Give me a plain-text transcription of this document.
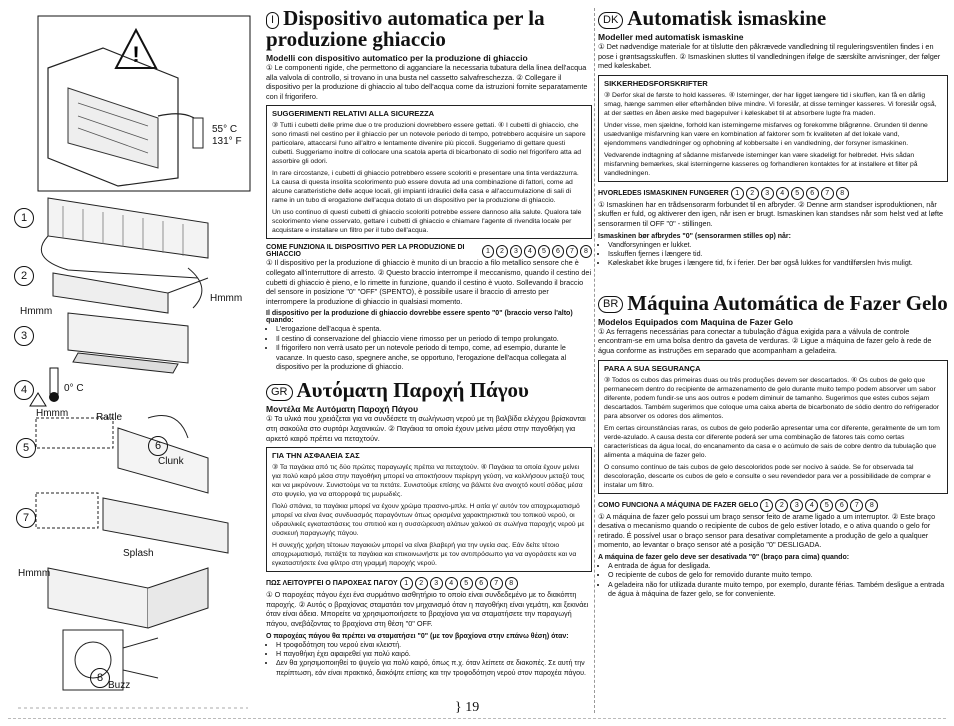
!
55° C
131° F
1
2
Hmmm
Hmmm
3
4	0° C
Hmmm	Rattle
5	6
Clunk
7
Splash
Hmmm
8
Buzz
I Dispositivo automatica per la produzione ghiaccio
Modelli con dispositivo automatico per la produzione di ghiaccio

① Le componenti rigide, che permettono di agganciare la necessaria tubatura della linea dell'acqua alla valvola di controllo, si trovano in una busta nel cassetto salvafreschezza. ② Collegare il dispositivo per la produzione di ghiaccio al tubo dell'acqua come da istruzioni fornite separatamente con il frigorifero.

SUGGERIMENTI RELATIVI ALLA SICUREZZA

③ Tutti i cubetti delle prime due o tre produzioni dovrebbero essere gettati. ④ I cubetti di ghiaccio, che sono rimasti nel cestino per il ghiaccio per un notevole periodo di tempo, potrebbero acquisire un sapore particolare, attaccarsi l'uno all'altro e lentamente divenire più piccoli. Suggeriamo di gettare questi cubetti. Suggeriamo inoltre di collocare una scatola aperta di bicarbonato di sodio nel frigorifero atta ad assorbire gli odori.

In rare circostanze, i cubetti di ghiaccio potrebbero essere scoloriti e presentare una tinta verdazzurra. La causa di questa insolita scolorimento può essere dovuta ad una combinazione di fattori, come ad alcune caratteristiche delle acque locali, gli impianti idraulici della casa e all'accumulazione di sali di rame in un tubo di erogazione dell'acqua dotato di un dispositivo per la produzione di ghiaccio.

Un uso continuo di questi cubetti di ghiaccio scoloriti potrebbe essere dannoso alla salute. Qualora tale scolorimento viene osservato, gettare i cubetti di ghiaccio e chiamare l'agente di rivendita locale per acquistare e installare un filtro per il tubo dell'acqua.

COME FUNZIONA IL DISPOSITIVO PER LA PRODUZIONE DI GHIACCIO	1	2	3	4	5	6	7	8

① Il dispositivo per la produzione di ghiaccio è munito di un braccio a filo metallico sensore che è collegato all'interruttore di arresto. ② Questo braccio interrompe il meccanismo, quando il cestino dei cubetti di ghiaccio è pieno, e lo rimette in funzione, quando il cestino è vuoto. Sollevando il braccio del sensore in posizione "0" "OFF" (SPENTO), è possibile usare il braccio di arresto per interrompere la produzione di ghiaccio in qualsiasi momento.

Il dispositivo per la produzione di ghiaccio dovrebbe essere spento "0" (braccio verso l'alto) quando:
• L'erogazione dell'acqua è spenta.
• Il cestino di conservazione del ghiaccio viene rimosso per un periodo di tempo prolungato.
• Il frigorifero non verrà usato per un notevole periodo di tempo, come, ad esempio, durante le vacanze. In questo caso, spegnere anche, se opportuno, l'erogazione dell'acqua collegata al dispositivo per la produzione di ghiaccio.
GR Αυτόματη Παροχή Πάγου
Μοντέλα Με Αυτόματη Παροχή Πάγου

① Τα υλικά που χρειάζεται για να συνδέσετε τη σωλήνωση νερού με τη βαλβίδα ελέγχου βρίσκονται στη σακούλα στο συρτάρι λαχανικών. ② Παγάκια τα οποία έχουν μείνει μέσα στην παγοθήκη για αρκετό καιρό πρέπει να πεταχτούν.

ΓΙΑ ΤΗΝ ΑΣΦΑΛΕΙΑ ΣΑΣ

③ Τα παγάκια από τις δύο πρώτες παραγωγές πρέπει να πεταχτούν. ④ Παγάκια τα οποία έχουν μείνει για πολύ καιρό μέσα στην παγοθήκη μπορεί να αποκτήσουν περίεργη γεύση, να κολλήσουν μεταξύ τους και να μικρύνουν. Συνιστούμε να τα πετάτε. Συνιστούμε επίσης να βάλετε ένα ανοιχτό κουτί σόδας μέσα στο ψυγείο, για να απορροφά τις μυρωδιές.

Πολύ σπάνια, τα παγάκια μπορεί να έχουν χρώμα πρασινο-μπλε. Η αιτία γι' αυτόν τον αποχρωματισμό μπορεί να είναι ένας συνδυασμός παραγόντων όπως ορισμένα χαρακτηριστικά του τοπικού νερού, οι υδραυλικές εγκαταστάσεις του σπιτιού και η συσσώρευση αλάτων χαλκού σε σωλήνα παροχής νερού με συσκευή παραγωγής πάγου.

Η συνεχής χρήση τέτοιων παγακιών μπορεί να είναι βλαβερή για την υγεία σας. Εάν δείτε τέτοιο αποχρωματισμό, πετάξτε τα παγάκια και επικοινωνήστε με τον αντιπρόσωπο για να αγοράσετε και να εγκαταστήσετε ένα φίλτρο στη γραμμή παροχής νερού.

ΠΩΣ ΛΕΙΤΟΥΡΓΕΙ Ο ΠΑΡΟΧΕΑΣ ΠΑΓΟΥ 1	2	3	4	5	6	7	8

① Ο παροχέας πάγου έχει ένα συρμάτινο αισθητήριο το οποίο είναι συνδεδεμένο με το διακόπτη παροχής. ② Αυτός ο βραχίονας σταματάει τον μηχανισμό όταν η παγοθήκη είναι γεμάτη, και ξεκινάει όταν είναι άδεια. Μπορείτε να χρησιμοποιήσετε το βραχίονα για να σταματήσετε την παραγωγή πάγου, ανεβάζοντας το βραχίονα στη θέση "0" OFF.

Ο παροχέας πάγου θα πρέπει να σταματήσει "0" (με τον βραχίονα στην επάνω θέση) όταν:
• Η τροφοδότηση του νερού είναι κλειστή.
• Η παγοθήκη έχει αφαιρεθεί για πολύ καιρό.
• Δεν θα χρησιμοποιηθεί το ψυγείο για πολύ καιρό, όπως π.χ. όταν λείπετε σε διακοπές. Σε αυτή την περίπτωση, εάν είναι πρακτικό, διακόψτε επίσης και την τροφοδότηση νερού στον παροχέα πάγου.
DK Automatisk ismaskine
Modeller med automatisk ismaskine

① Det nødvendige materiale for at tilslutte den påkrævede vandledning til reguleringsventilen findes i en pose i grøntsagsskuffen. ② Ismaskinen sluttes til vandledningen ifølge de særskilte anvisninger, der følger med køleskabet.

SIKKERHEDSFORSKRIFTER

③ Derfor skal de første to hold kasseres. ④ Isterninger, der har ligget længere tid i skuffen, kan få en dårlig smag, hænge sammen eller efterhånden blive mindre. Vi foreslår, at disse terninger kasseres. Vi foreslår også, at der sættes en åben æske med bagepulver i køleskabet til at absorbere lugte fra maden.

Under visse, men sjældne, forhold kan isterningerne misfarves og forekomme blågrønne. Grunden til denne usædvanlige misfarvning kan være en kombination af faktorer som fx kvaliteten af det lokale vand, ejendommens vandledninger og ophobning af kobbersalte i en vandledning, der forsyner ismaskinen.

Vedvarende indtagning af sådanne misfarvede isterninger kan være skadeligt for helbredet. Hvis sådan misfarvning bemærkes, skal isterningerne kasseres og forhandleren kontaktes for at installere et filter på vandledningen.

HVORLEDES ISMASKINEN FUNGERER 1	2	3	4	5	6	7	8

① Ismaskinen har en trådsensorarm forbundet til en afbryder. ② Denne arm standser isproduktionen, når skuffen er fuld, og aktiverer den igen, når isen er brugt. Ismaskinen kan standses når som helst ved at løfte sensorarmen til OFF "0" - stillingen.

Ismaskinen bør afbrydes "0" (sensorarmen stilles op) når:
• Vandforsyningen er lukket.
• Isskuffen fjernes i længere tid.
• Køleskabet ikke bruges i længere tid, fx i ferier. Der bør også lukkes for vandtilførslen hvis muligt.
BR Máquina Automática de Fazer Gelo
Modelos Equipados com Maquina de Fazer Gelo

① As ferragens necessárias para conectar a tubulação d'água exigida para a válvula de controle encontram-se em uma bolsa dentro da gaveta de verduras. ② Ligue a máquina de fazer gelo à rede de água conforme as instruções em separado que acompanham a geladeira.

PARA A SUA SEGURANÇA

③ Todos os cubos das primeiras duas ou três produções devem ser descartados. ④ Os cubos de gelo que permanecem dentro do recipiente de armazenamento de gelo durante muito tempo podem absorver um sabor diferente, podem fundir-se uns aos outros e podem diminuir de tamanho. Sugerimos que estes cubos sejam descartados. Também sugerimos que coloque uma caixa aberta de bicarbonato de sódio dentro do refrigerador para absorver os odores dos alimentos.

Em certas circunstâncias raras, os cubos de gelo poderão apresentar uma cor diferente, geralmente de um tom verde-azulado. A causa desta cor diferente poderá ser uma combinação de fatores tais como certas características da água local, do encanamento da casa e o acúmulo de sais de cobre dentro da tubulação que alimenta a máquina de fazer gelo.

O consumo contínuo de tais cubos de gelo descoloridos pode ser nocivo à saúde. Se for observada tal descoloração, descarte os cubos de gelo e consulte o seu revendedor para ver a possibilidade de comprar e instalar um filtro.

COMO FUNCIONA A MÁQUINA DE FAZER GELO 1	2	3	4	5	6	7	8

① A máquina de fazer gelo possui um braço sensor feito de arame ligado a um interruptor. ② Este braço desativa o mecanismo quando o recipiente de cubos de gelo estiver lotado, e o ativa quando o gelo for retirado. É possível usar o braço sensor para desativar completamente a produção de gelo a qualquer momento, ao levantar o braço sensor até a posição "0" DESLIGADA.

A máquina de fazer gelo deve ser desativada "0" (braço para cima) quando:
• A entrada de água for desligada.
• O recipiente de cubos de gelo for removido durante muito tempo.
• A geladeira não for utilizada durante muito tempo, por exemplo, durante férias. Também desligue a entrada de água à máquina de fazer gelo, se for conveniente.
} 19
